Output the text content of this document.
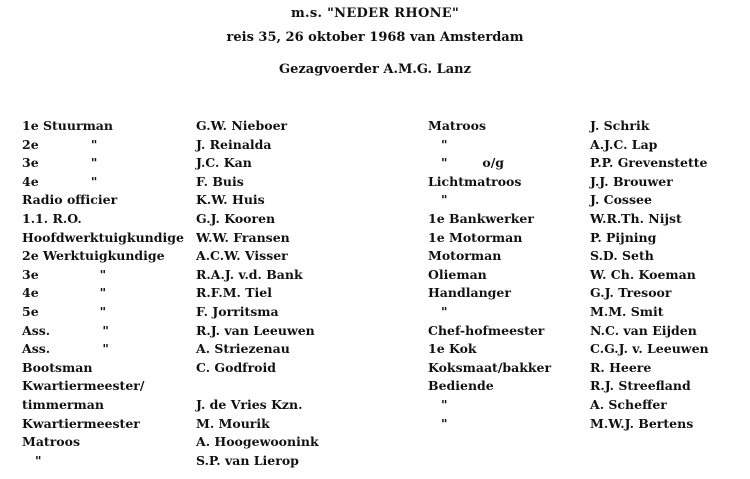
m.s. "NEDER RHONE"
reis 35, 26 oktober 1968 van Amsterdam
Gezagvoerder A.M.G. Lanz
1e Stuurman
2e            "
3e            "
4e            "
Radio officier
1.1. R.O.
Hoofdwerktuigkundige
2e Werktuigkundige
3e              "
4e              "
5e              "
Ass.            "
Ass.            "
Bootsman
Kwartiermeester/
timmerman
Kwartiermeester
Matroos
"
G.W. Nieboer
J. Reinalda
J.C. Kan
F. Buis
K.W. Huis
G.J. Kooren
W.W. Fransen
A.C.W. Visser
R.A.J. v.d. Bank
R.F.M. Tiel
F. Jorritsma
R.J. van Leeuwen
A. Striezenau
C. Godfroid
J. de Vries Kzn.
M. Mourik
A. Hoogewoonink
S.P. van Lierop
Matroos
"
"        o/g
Lichtmatroos
"
1e Bankwerker
1e Motorman
Motorman
Olieman
Handlanger
"
Chef-hofmeester
1e Kok
Koksmaat/bakker
Bediende
"
"
J. Schrik
A.J.C. Lap
P.P. Grevenstette
J.J. Brouwer
J. Cossee
W.R.Th. Nijst
P. Pijning
S.D. Seth
W. Ch. Koeman
G.J. Tresoor
M.M. Smit
N.C. van Eijden
C.G.J. v. Leeuwen
R. Heere
R.J. Streefland
A. Scheffer
M.W.J. Bertens
